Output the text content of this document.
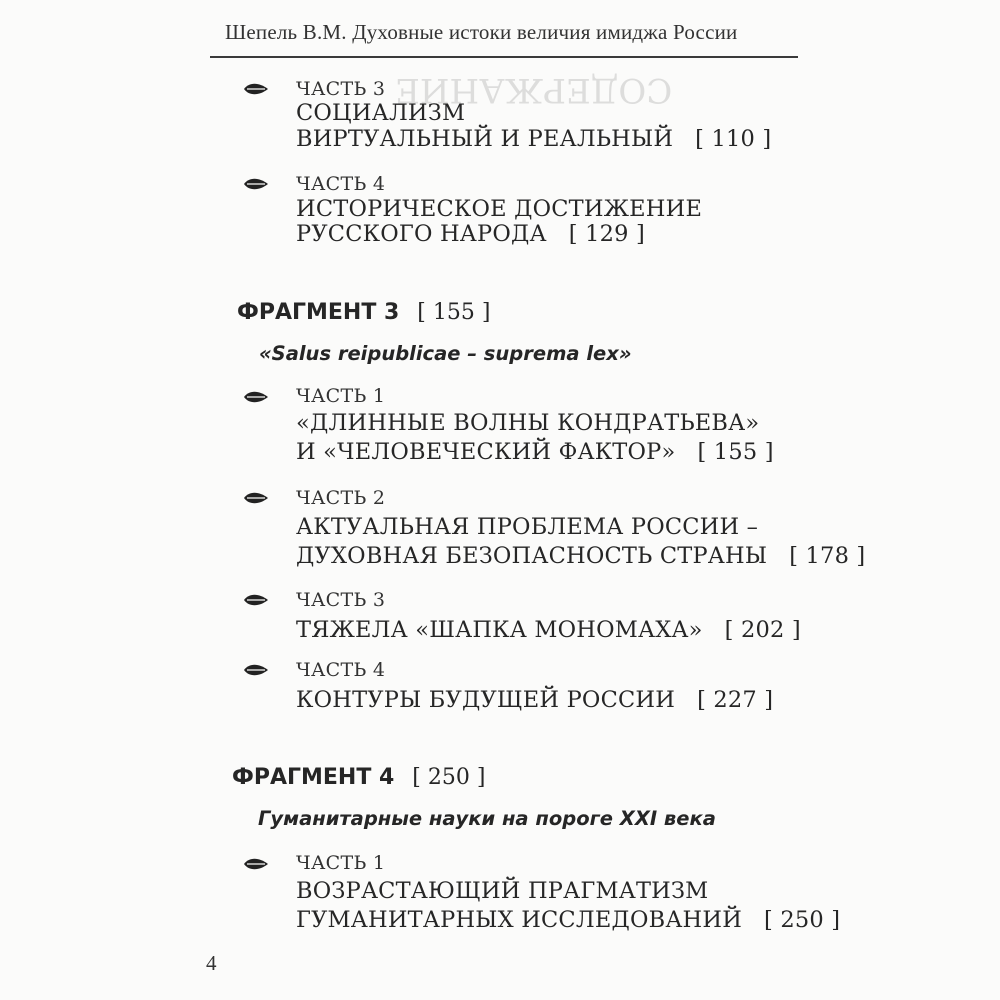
СОДЕРЖАНИЕ
Шепель В.М. Духовные истоки величия имиджа России
ЧАСТЬ 3
СОЦИАЛИЗМ
ВИРТУАЛЬНЫЙ И РЕАЛЬНЫЙ [ 110 ]
ЧАСТЬ 4
ИСТОРИЧЕСКОЕ ДОСТИЖЕНИЕ
РУССКОГО НАРОДА [ 129 ]
ФРАГМЕНТ 3 [ 155 ]
«Salus reipublicae – suprema lex»
ЧАСТЬ 1
«ДЛИННЫЕ ВОЛНЫ КОНДРАТЬЕВА»
И «ЧЕЛОВЕЧЕСКИЙ ФАКТОР» [ 155 ]
ЧАСТЬ 2
АКТУАЛЬНАЯ ПРОБЛЕМА РОССИИ –
ДУХОВНАЯ БЕЗОПАСНОСТЬ СТРАНЫ [ 178 ]
ЧАСТЬ 3
ТЯЖЕЛА «ШАПКА МОНОМАХА» [ 202 ]
ЧАСТЬ 4
КОНТУРЫ БУДУЩЕЙ РОССИИ [ 227 ]
ФРАГМЕНТ 4 [ 250 ]
Гуманитарные науки на пороге XXI века
ЧАСТЬ 1
ВОЗРАСТАЮЩИЙ ПРАГМАТИЗМ
ГУМАНИТАРНЫХ ИССЛЕДОВАНИЙ [ 250 ]
4
